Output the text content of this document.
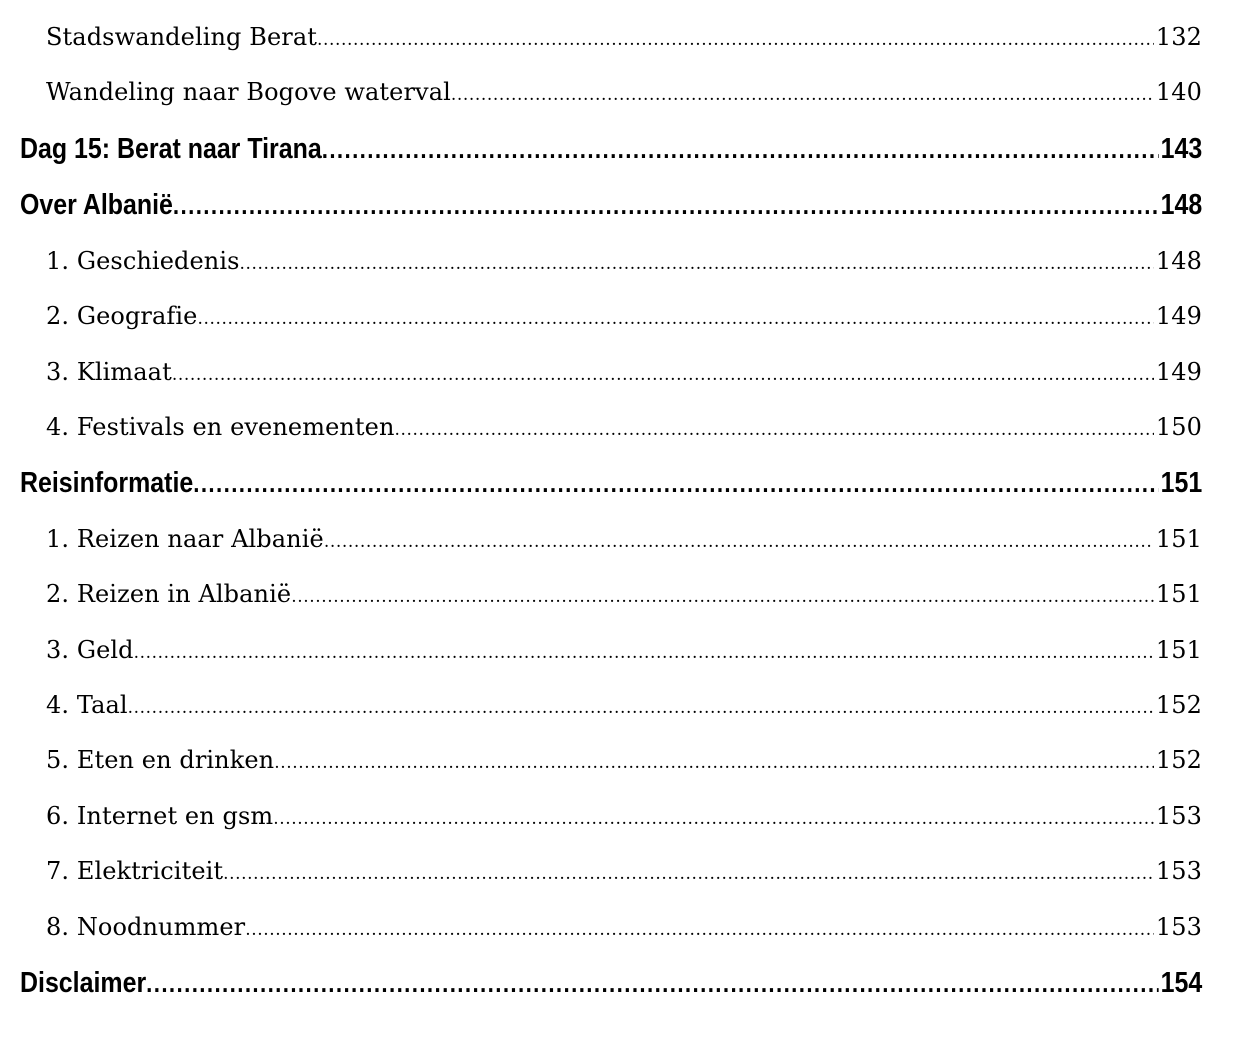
Stadswandeling Berat .....	132
Wandeling naar Bogove waterval .....	140
Dag 15: Berat naar Tirana .....	143
Over Albanië .....	148
1. Geschiedenis .....	148
2. Geografie .....	149
3. Klimaat .....	149
4. Festivals en evenementen .....	150
Reisinformatie .....	151
1. Reizen naar Albanië .....	151
2. Reizen in Albanië .....	151
3. Geld .....	151
4. Taal .....	152
5. Eten en drinken .....	152
6. Internet en gsm .....	153
7. Elektriciteit .....	153
8. Noodnummer .....	153
Disclaimer .....	154
